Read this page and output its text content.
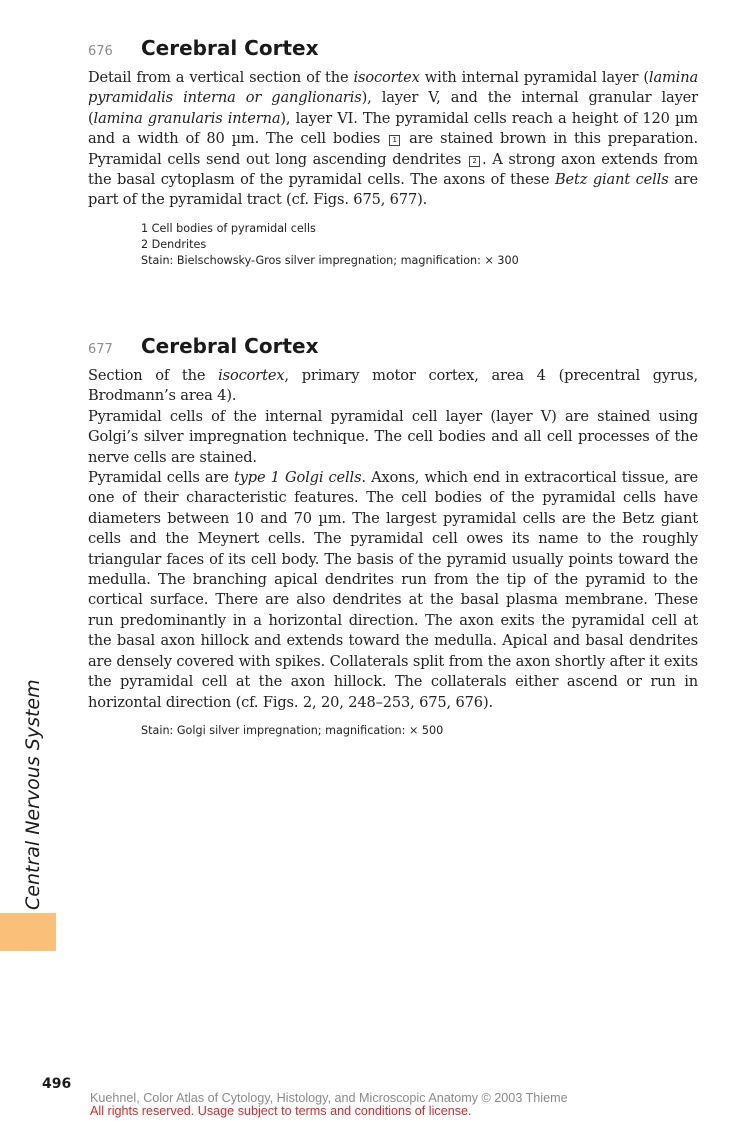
676	Cerebral Cortex

Detail from a vertical section of the isocortex with internal pyramidal layer (lamina pyramidalis interna or ganglionaris), layer V, and the internal granular layer (lamina granularis interna), layer VI. The pyramidal cells reach a height of 120 µm and a width of 80 µm. The cell bodies 1 are stained brown in this preparation. Pyramidal cells send out long ascending dendrites 2 . A strong axon extends from the basal cytoplasm of the pyramidal cells. The axons of these Betz giant cells are part of the pyramidal tract (cf. Figs. 675, 677).

1 Cell bodies of pyramidal cells
2 Dendrites
Stain: Bielschowsky-Gros silver impregnation; magnification: × 300
677	Cerebral Cortex

Section of the isocortex, primary motor cortex, area 4 (precentral gyrus, Brodmann’s area 4).

Pyramidal cells of the internal pyramidal cell layer (layer V) are stained using Golgi’s silver impregnation technique. The cell bodies and all cell processes of the nerve cells are stained.

Pyramidal cells are type 1 Golgi cells. Axons, which end in extracortical tissue, are one of their characteristic features. The cell bodies of the pyramidal cells have diameters between 10 and 70 µm. The largest pyramidal cells are the Betz giant cells and the Meynert cells. The pyramidal cell owes its name to the roughly triangular faces of its cell body. The basis of the pyramid usually points toward the medulla. The branching apical dendrites run from the tip of the pyramid to the cortical surface. There are also dendrites at the basal plasma membrane. These run predominantly in a horizontal direction. The axon exits the pyramidal cell at the basal axon hillock and extends toward the medulla. Apical and basal dendrites are densely covered with spikes. Collaterals split from the axon shortly after it exits the pyramidal cell at the axon hillock. The collaterals either ascend or run in horizontal direction (cf. Figs. 2, 20, 248–253, 675, 676).

Stain: Golgi silver impregnation; magnification: × 500
Central Nervous System
496
Kuehnel, Color Atlas of Cytology, Histology, and Microscopic Anatomy © 2003 Thieme
All rights reserved. Usage subject to terms and conditions of license.
